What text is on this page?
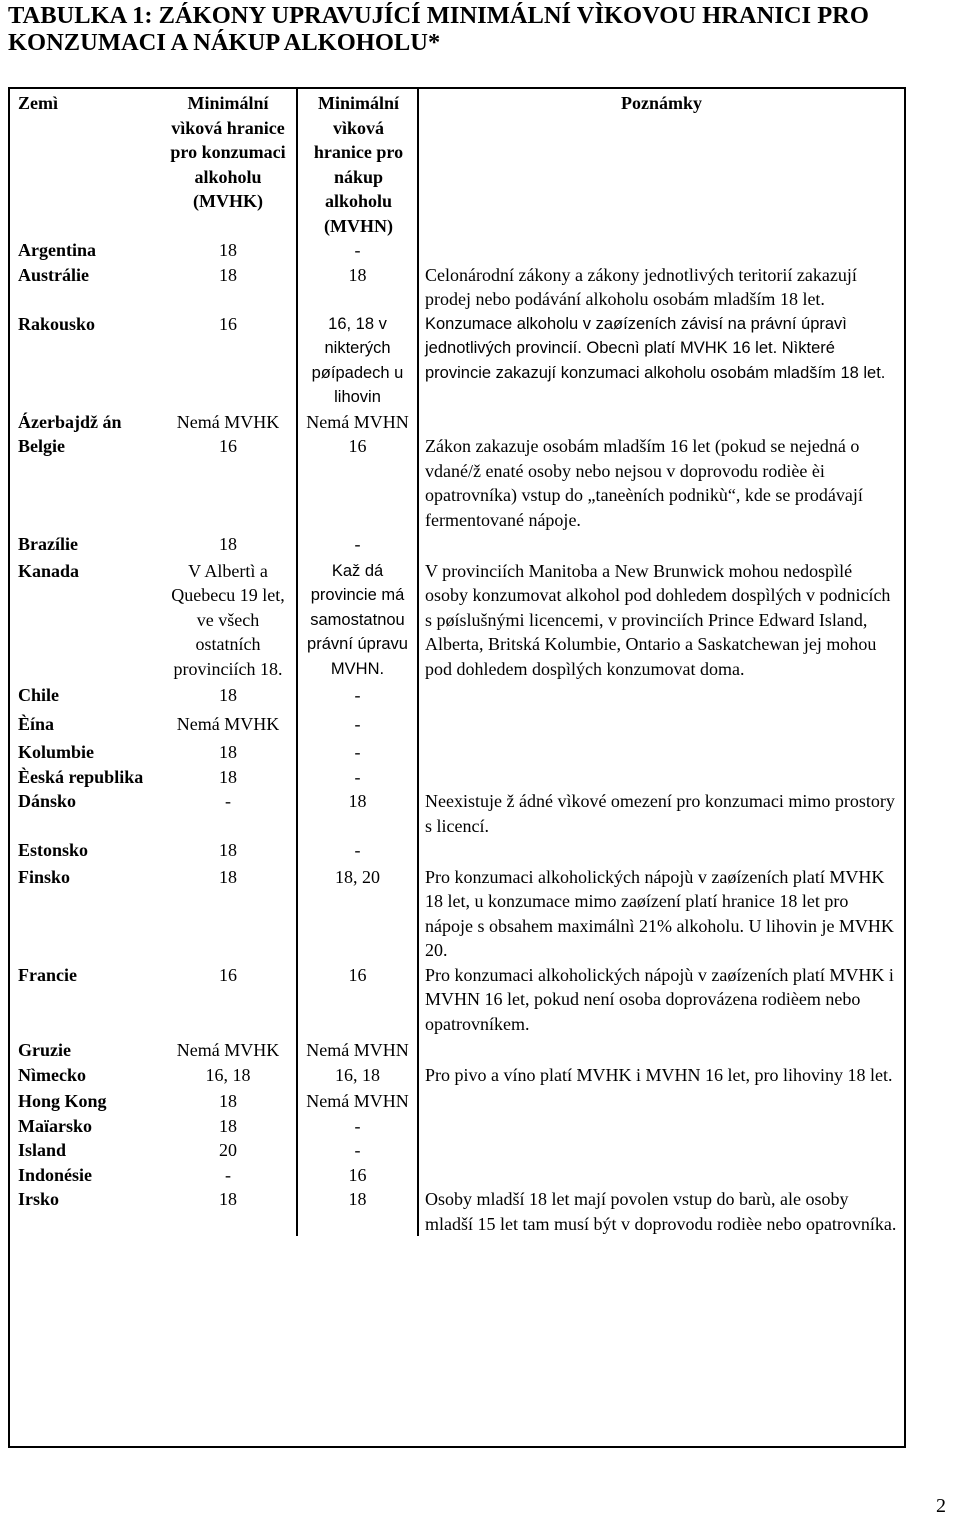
TABULKA 1: ZÁKONY UPRAVUJÍCÍ MINIMÁLNÍ VÌKOVOU HRANICI PRO KONZUMACI A NÁKUP ALKOHOLU*
Zemì	Minimální vìková hranice pro konzumaci alkoholu (MVHK)	Minimální vìková hranice pro nákup alkoholu (MVHN)	Poznámky
Argentina	18	-	
Austrálie	18	18	Celonárodní zákony a zákony jednotlivých teritorií zakazují prodej nebo podávání alkoholu osobám mladším 18 let.
Rakousko	16	16, 18 v nikterých pøípadech u lihovin	Konzumace alkoholu v zaøízeních závisí na právní úpravì jednotlivých provincií. Obecnì platí MVHK 16 let. Nìkteré provincie zakazují konzumaci alkoholu osobám mladším 18 let.
Ázerbajdž án	Nemá MVHK	Nemá MVHN	
Belgie	16	16	Zákon zakazuje osobám mladším 16 let (pokud se nejedná o vdané/ž enaté osoby nebo nejsou v doprovodu rodièe èi opatrovníka) vstup do „taneèních podnikù“, kde se prodávají fermentované nápoje.
Brazílie	18	-	
Kanada	V Albertì a Quebecu 19 let, ve všech ostatních provinciích 18.	Kaž dá provincie má samostatnou právní úpravu MVHN.	V provinciích Manitoba a New Brunwick mohou nedospìlé osoby konzumovat alkohol pod dohledem dospìlých v podnicích s pøíslušnými licencemi, v provinciích Prince Edward Island, Alberta, Britská Kolumbie, Ontario a Saskatchewan jej mohou pod dohledem dospìlých konzumovat doma.
Chile	18	-	
Èína	Nemá MVHK	-	
Kolumbie	18	-	
Èeská republika	18	-	
Dánsko	-	18	Neexistuje ž ádné vìkové omezení pro konzumaci mimo prostory s licencí.
Estonsko	18	-	
Finsko	18	18, 20	Pro konzumaci alkoholických nápojù v zaøízeních platí MVHK 18 let, u konzumace mimo zaøízení platí hranice 18 let pro nápoje s obsahem maximálnì 21% alkoholu. U lihovin je MVHK 20.
Francie	16	16	Pro konzumaci alkoholických nápojù v zaøízeních platí MVHK i MVHN 16 let, pokud není osoba doprovázena rodièem nebo opatrovníkem.
Gruzie	Nemá MVHK	Nemá MVHN	
Nìmecko	16, 18	16, 18	Pro pivo a víno platí MVHK i MVHN 16 let, pro lihoviny 18 let.
Hong Kong	18	Nemá MVHN	
Maïarsko	18	-	
Island	20	-	
Indonésie	-	16	
Irsko	18	18	Osoby mladší 18 let mají povolen vstup do barù, ale osoby mladší 15 let tam musí být v doprovodu rodièe nebo opatrovníka.
2
